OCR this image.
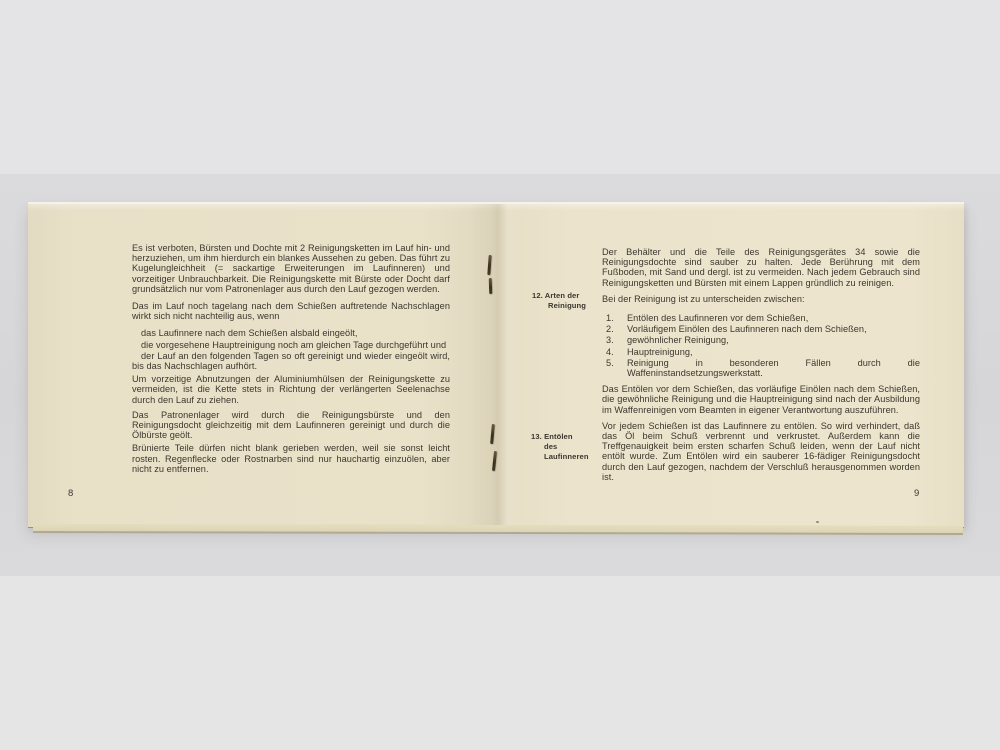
Es ist verboten, Bürsten und Dochte mit 2 Reinigungsketten im Lauf hin- und herzuziehen, um ihm hierdurch ein blankes Aussehen zu geben. Das führt zu Kugelungleichheit (= sackartige Erweiterungen im Laufinneren) und vorzeitiger Unbrauchbarkeit. Die Reinigungskette mit Bürste oder Docht darf grundsätzlich nur vom Patronenlager aus durch den Lauf gezogen werden.

Das im Lauf noch tagelang nach dem Schießen auftretende Nachschlagen wirkt sich nicht nachteilig aus, wenn

das Laufinnere nach dem Schießen alsbald eingeölt,

die vorgesehene Hauptreinigung noch am gleichen Tage durchgeführt und

der Lauf an den folgenden Tagen so oft gereinigt und wieder eingeölt wird, bis das Nachschlagen aufhört.

Um vorzeitige Abnutzungen der Aluminiumhülsen der Reinigungskette zu vermeiden, ist die Kette stets in Richtung der verlängerten Seelenachse durch den Lauf zu ziehen.

Das Patronenlager wird durch die Reinigungsbürste und den Reinigungsdocht gleichzeitig mit dem Laufinneren gereinigt und durch die Ölbürste geölt.

Brünierte Teile dürfen nicht blank gerieben werden, weil sie sonst leicht rosten. Regenflecke oder Rostnarben sind nur hauchartig einzuölen, aber nicht zu entfernen.

8
12. Arten der
Reinigung
13. Entölen
des
Laufinneren

Der Behälter und die Teile des Reinigungsgerätes 34 sowie die Reinigungsdochte sind sauber zu halten. Jede Berührung mit dem Fußboden, mit Sand und dergl. ist zu vermeiden. Nach jedem Gebrauch sind Reinigungsketten und Bürsten mit einem Lappen gründlich zu reinigen.

Bei der Reinigung ist zu unterscheiden zwischen:

1.	Entölen des Laufinneren vor dem Schießen,
2.	Vorläufigem Einölen des Laufinneren nach dem Schießen,
3.	gewöhnlicher Reinigung,
4.	Hauptreinigung,
5.	Reinigung in besonderen Fällen durch die Waffeninstandsetzungswerkstatt.

Das Entölen vor dem Schießen, das vorläufige Einölen nach dem Schießen, die gewöhnliche Reinigung und die Hauptreinigung sind nach der Ausbildung im Waffenreinigen vom Beamten in eigener Verantwortung auszuführen.

Vor jedem Schießen ist das Laufinnere zu entölen. So wird verhindert, daß das Öl beim Schuß verbrennt und verkrustet. Außerdem kann die Treffgenauigkeit beim ersten scharfen Schuß leiden, wenn der Lauf nicht entölt wurde. Zum Entölen wird ein sauberer 16-fädiger Reinigungsdocht durch den Lauf gezogen, nachdem der Verschluß herausgenommen worden ist.

9
